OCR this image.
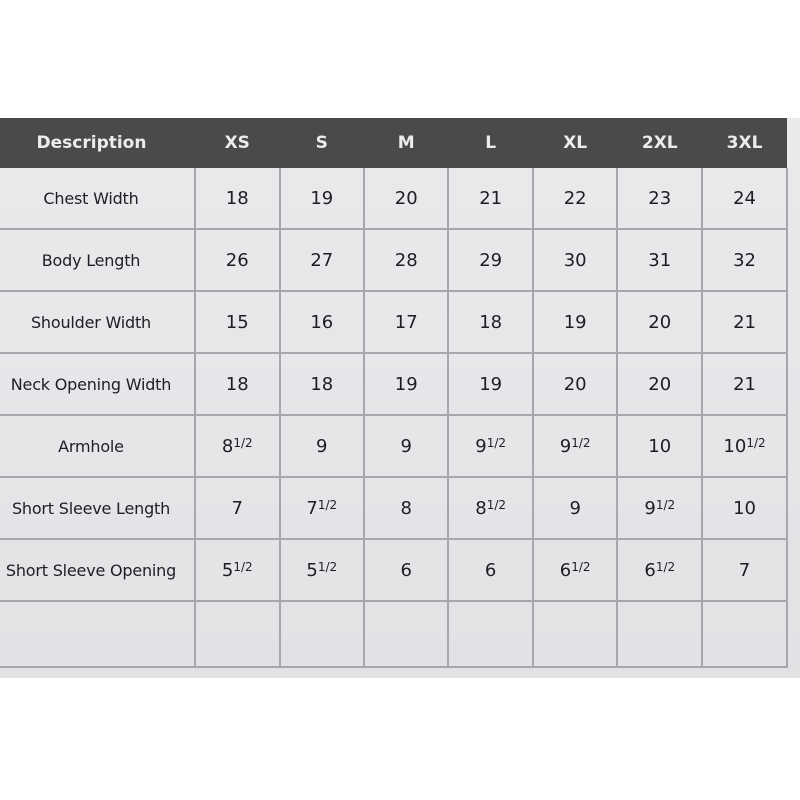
Description	XS	S	M	L	XL	2XL	3XL
Chest Width	18	19	20	21	22	23	24
Body Length	26	27	28	29	30	31	32
Shoulder Width	15	16	17	18	19	20	21
Neck Opening Width	18	18	19	19	20	20	21
Armhole	$8^{1/2}$	9	9	$9^{1/2}$	$9^{1/2}$	10	$10^{1/2}$
Short Sleeve Length	7	$7^{1/2}$	8	$8^{1/2}$	9	$9^{1/2}$	10
Short Sleeve Opening	$5^{1/2}$	$5^{1/2}$	6	6	$6^{1/2}$	$6^{1/2}$	7
